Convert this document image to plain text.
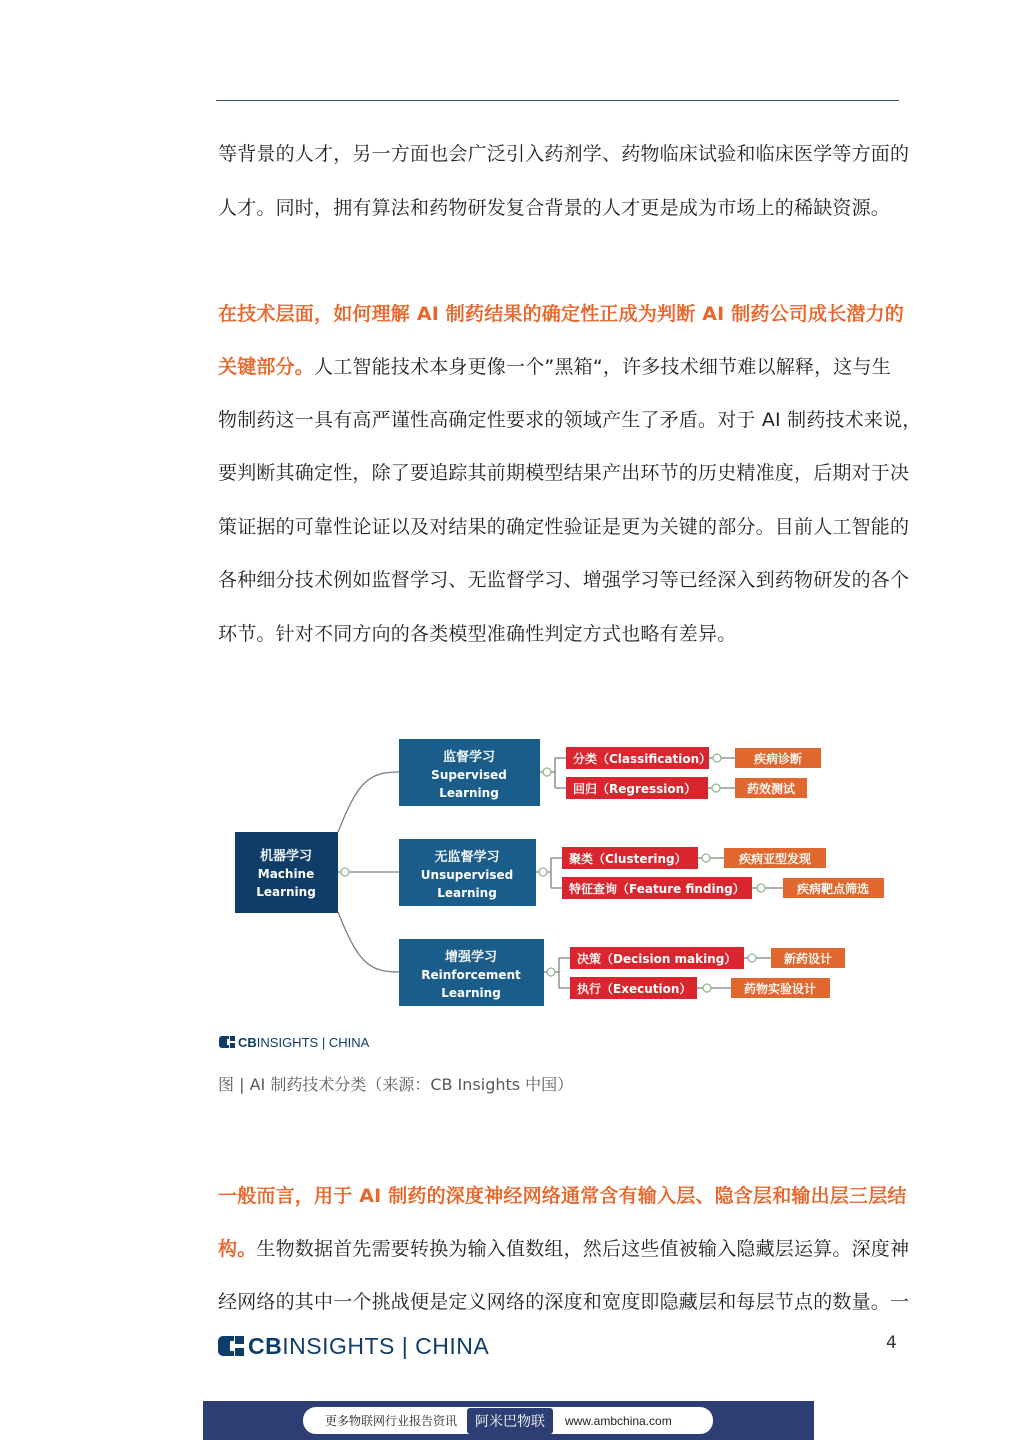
等背景的人才，另一方面也会广泛引入药剂学、药物临床试验和临床医学等方面的
人才。同时，拥有算法和药物研发复合背景的人才更是成为市场上的稀缺资源。
在技术层面，如何理解 AI 制药结果的确定性正成为判断 AI 制药公司成长潜力的
关键部分。人工智能技术本身更像一个”黑箱“，许多技术细节难以解释，这与生
物制药这一具有高严谨性高确定性要求的领域产生了矛盾。对于 AI 制药技术来说，
要判断其确定性，除了要追踪其前期模型结果产出环节的历史精准度，后期对于决
策证据的可靠性论证以及对结果的确定性验证是更为关键的部分。目前人工智能的
各种细分技术例如监督学习、无监督学习、增强学习等已经深入到药物研发的各个
环节。针对不同方向的各类模型准确性判定方式也略有差异。
机器学习
Machine
Learning
监督学习
Supervised
Learning
无监督学习
Unsupervised
Learning
增强学习
Reinforcement
Learning
分类（Classification）
回归（Regression）
聚类（Clustering）
特征查询（Feature finding）
决策（Decision making）
执行（Execution）
疾病诊断
药效测试
疾病亚型发现
疾病靶点筛选
新药设计
药物实验设计
CB INSIGHTS
|
CHINA
图 | AI 制药技术分类（来源：CB Insights 中国）
一般而言，用于 AI 制药的深度神经网络通常含有输入层、隐含层和输出层三层结
构。生物数据首先需要转换为输入值数组，然后这些值被输入隐藏层运算。深度神
经网络的其中一个挑战便是定义网络的深度和宽度即隐藏层和每层节点的数量。一
CB INSIGHTS
|
CHINA	4
更多物联网行业报告资讯	阿米巴物联	www.ambchina.com
